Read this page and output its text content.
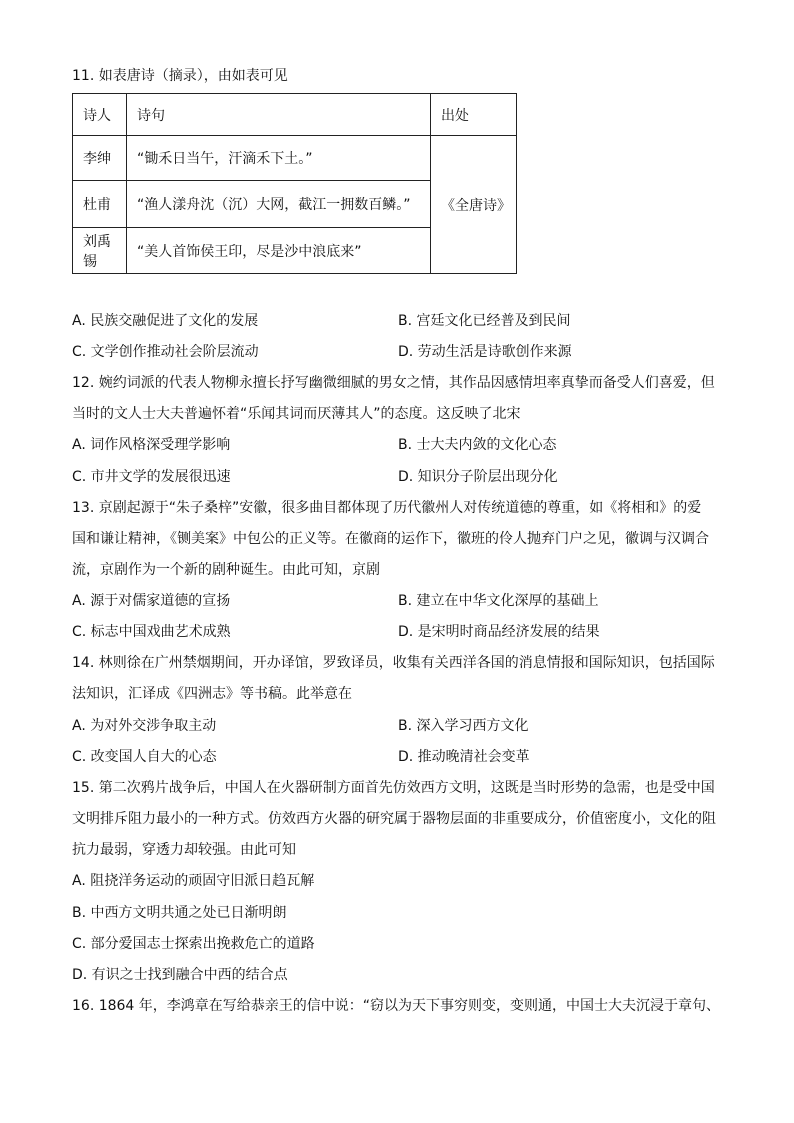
11. 如表唐诗（摘录），由如表可见
诗人	诗句	出处
李绅	“锄禾日当午，汗滴禾下土。”	《全唐诗》
杜甫	“渔人漾舟沈（沉）大网，截江一拥数百鳞。”	
刘禹锡	“美人首饰侯王印，尽是沙中浪底来”	
A. 民族交融促进了文化的发展	B. 宫廷文化已经普及到民间
C. 文学创作推动社会阶层流动	D. 劳动生活是诗歌创作来源
12. 婉约词派的代表人物柳永擅长抒写幽微细腻的男女之情，其作品因感情坦率真挚而备受人们喜爱，但
当时的文人士大夫普遍怀着“乐闻其词而厌薄其人”的态度。这反映了北宋
A. 词作风格深受理学影响	B. 士大夫内敛的文化心态
C. 市井文学的发展很迅速	D. 知识分子阶层出现分化
13. 京剧起源于“朱子桑梓”安徽，很多曲目都体现了历代徽州人对传统道德的尊重，如《将相和》的爱
国和谦让精神，《铡美案》中包公的正义等。在徽商的运作下，徽班的伶人抛弃门户之见，徽调与汉调合
流，京剧作为一个新的剧种诞生。由此可知，京剧
A. 源于对儒家道德的宣扬	B. 建立在中华文化深厚的基础上
C. 标志中国戏曲艺术成熟	D. 是宋明时商品经济发展的结果
14. 林则徐在广州禁烟期间，开办译馆，罗致译员，收集有关西洋各国的消息情报和国际知识，包括国际
法知识，汇译成《四洲志》等书稿。此举意在
A. 为对外交涉争取主动	B. 深入学习西方文化
C. 改变国人自大的心态	D. 推动晚清社会变革
15. 第二次鸦片战争后，中国人在火器研制方面首先仿效西方文明，这既是当时形势的急需，也是受中国
文明排斥阻力最小的一种方式。仿效西方火器的研究属于器物层面的非重要成分，价值密度小，文化的阻
抗力最弱，穿透力却较强。由此可知
A. 阻挠洋务运动的顽固守旧派日趋瓦解
B. 中西方文明共通之处已日渐明朗
C. 部分爱国志士探索出挽救危亡的道路
D. 有识之士找到融合中西的结合点
16. 1864 年，李鸿章在写给恭亲王的信中说：“窃以为天下事穷则变，变则通，中国士大夫沉浸于章句、
